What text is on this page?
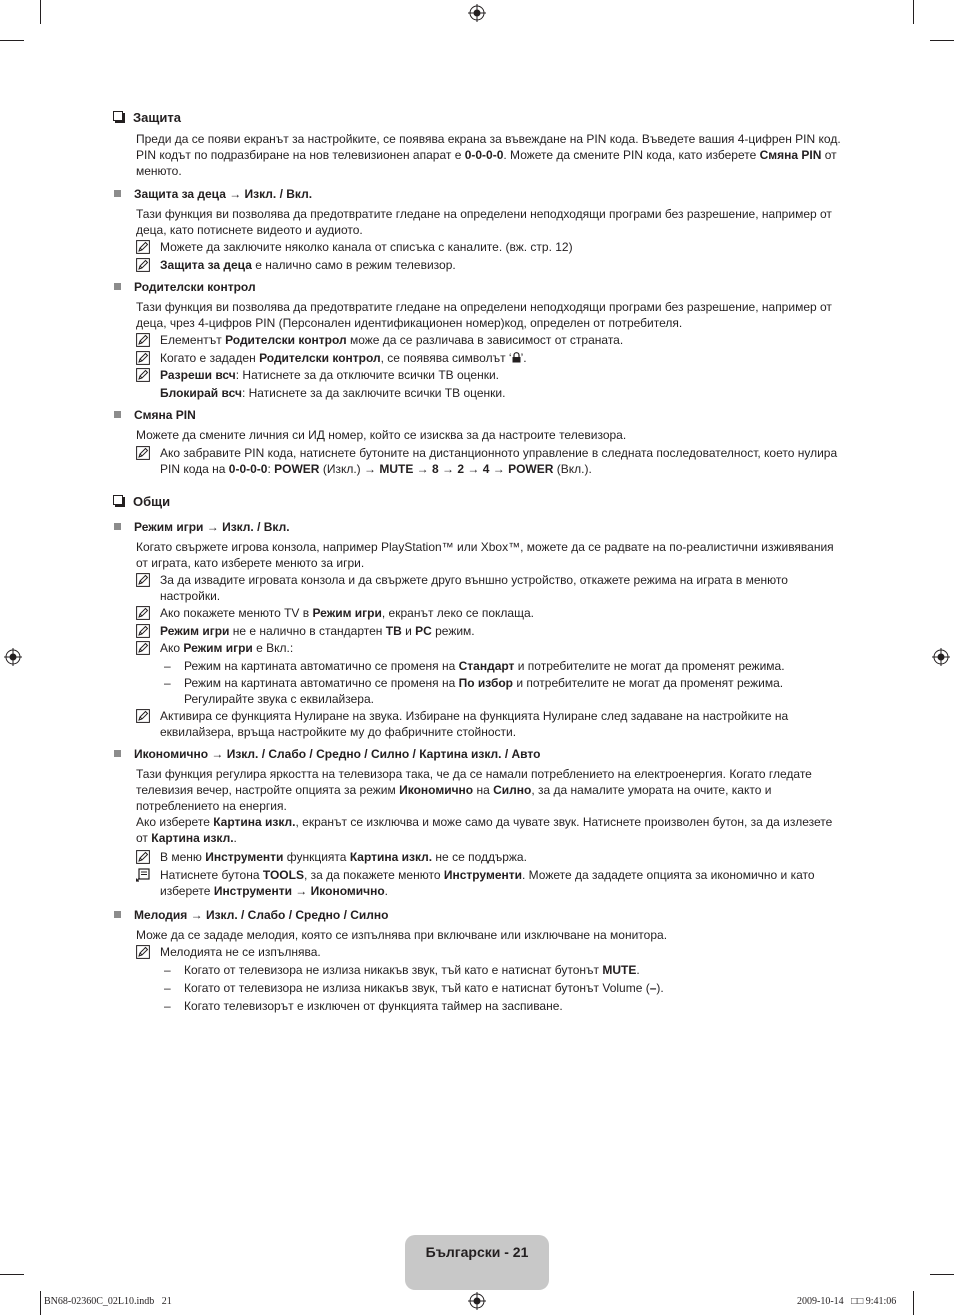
Защита
Преди да се появи екранът за настройките, се появява екрана за въвеждане на PIN кода. Въведете вашия 4-цифрен PIN код. PIN кодът по подразбиране на нов телевизионен апарат е 0-0-0-0. Можете да смените PIN кода, като изберете Смяна PIN от менюто.
Защита за деца → Изкл. / Вкл.
Тази функция ви позволява да предотвратите гледане на определени неподходящи програми без разрешение, например от деца, като потиснете видеото и аудиото.
Можете да заключите няколко канала от списъка с каналите. (вж. стр. 12)
Защита за деца е налично само в режим телевизор.
Родителски контрол
Тази функция ви позволява да предотвратите гледане на определени неподходящи програми без разрешение, например от деца, чрез 4-цифров PIN (Персонален идентификационен номер)код, определен от потребителя.
Елементът Родителски контрол може да се различава в зависимост от страната.
Когато е зададен Родителски контрол, се появява символът ‘ ’.
Разреши всч: Натиснете за да отключите всички ТВ оценки.
Блокирай всч: Натиснете за да заключите всички ТВ оценки.
Смяна PIN
Можете да смените личния си ИД номер, който се изисква за да настроите телевизора.
Ако забравите PIN кода, натиснете бутоните на дистанционното управление в следната последователност, което нулира PIN кода на 0-0-0-0: POWER (Изкл.) → MUTE → 8 → 2 → 4 → POWER (Вкл.).
Общи
Режим игри → Изкл. / Вкл.
Когато свържете игрова конзола, например PlayStation™ или Xbox™, можете да се радвате на по-реалистични изживявания от играта, като изберете менюто за игри.
За да извадите игровата конзола и да свържете друго външно устройство, откажете режима на играта в менюто настройки.
Ако покажете менюто TV в Режим игри, екранът леко се поклаща.
Режим игри не е налично в стандартен TB и PC режим.
Ако Режим игри е Вкл.:
– Режим на картината автоматично се променя на Стандарт и потребителите не могат да променят режима.
– Режим на картината автоматично се променя на По избор и потребителите не могат да променят режима. Регулирайте звука с еквилайзера.
Активира се функцията Нулиране на звука. Избиране на функцията Нулиране след задаване на настройките на еквилайзера, връща настройките му до фабричните стойности.
Икономично → Изкл. / Слабо / Средно / Силно / Картина изкл. / Авто
Тази функция регулира яркостта на телевизора така, че да се намали потреблението на електроенергия. Когато гледате телевизия вечер, настройте опцията за режим Икономично на Силно, за да намалите умората на очите, както и потреблението на енергия.
Ако изберете Картина изкл., екранът се изключва и може само да чувате звук. Натиснете произволен бутон, за да излезете от Картина изкл..
В меню Инструменти функцията Картина изкл. не се поддържа.
Натиснете бутона TOOLS, за да покажете менюто Инструменти. Можете да зададете опцията за икономично и като изберете Инструменти → Икономично.
Мелодия → Изкл. / Слабо / Средно / Силно
Може да се зададе мелодия, която се изпълнява при включване или изключване на монитора.
Мелодията не се изпълнява.
– Когато от телевизора не излиза никакъв звук, тъй като е натиснат бутонът MUTE.
– Когато от телевизора не излиза никакъв звук, тъй като е натиснат бутонът Volume (–).
– Когато телевизорът е изключен от функцията таймер на заспиване.
Български - 21
BN68-02360C_02L10.indb   21	2009-10-14   □□ 9:41:06
